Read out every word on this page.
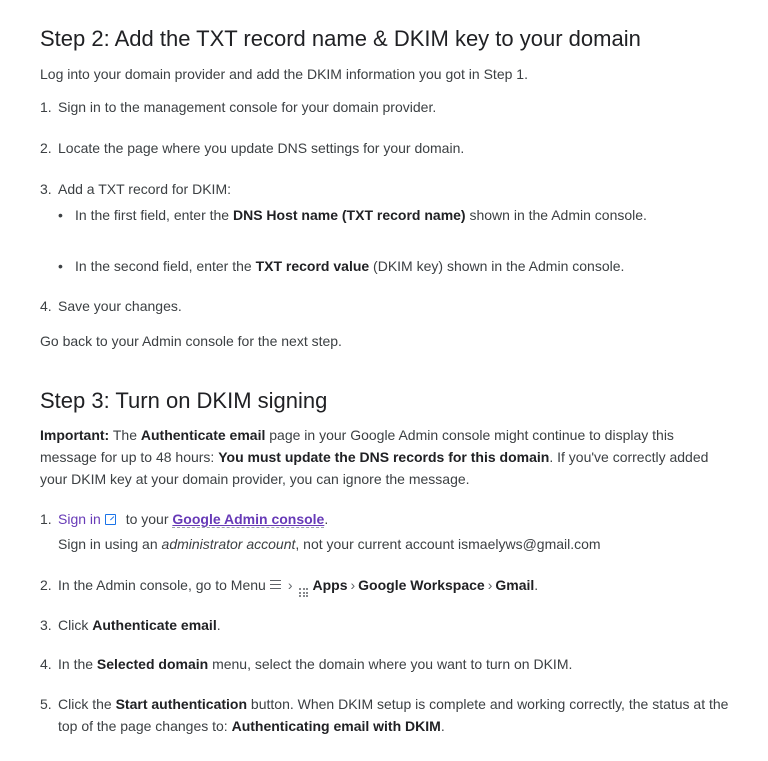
Step 2: Add the TXT record name & DKIM key to your domain
Log into your domain provider and add the DKIM information you got in Step 1.
1. Sign in to the management console for your domain provider.
2. Locate the page where you update DNS settings for your domain.
3. Add a TXT record for DKIM:
• In the first field, enter the DNS Host name (TXT record name) shown in the Admin console.
• In the second field, enter the TXT record value (DKIM key) shown in the Admin console.
4. Save your changes.
Go back to your Admin console for the next step.
Step 3: Turn on DKIM signing
Important: The Authenticate email page in your Google Admin console might continue to display this message for up to 48 hours: You must update the DNS records for this domain. If you've correctly added your DKIM key at your domain provider, you can ignore the message.
1. Sign in to your Google Admin console.
Sign in using an administrator account, not your current account ismaelyws@gmail.com
2. In the Admin console, go to Menu › Apps › Google Workspace › Gmail.
3. Click Authenticate email.
4. In the Selected domain menu, select the domain where you want to turn on DKIM.
5. Click the Start authentication button. When DKIM setup is complete and working correctly, the status at the top of the page changes to: Authenticating email with DKIM.
